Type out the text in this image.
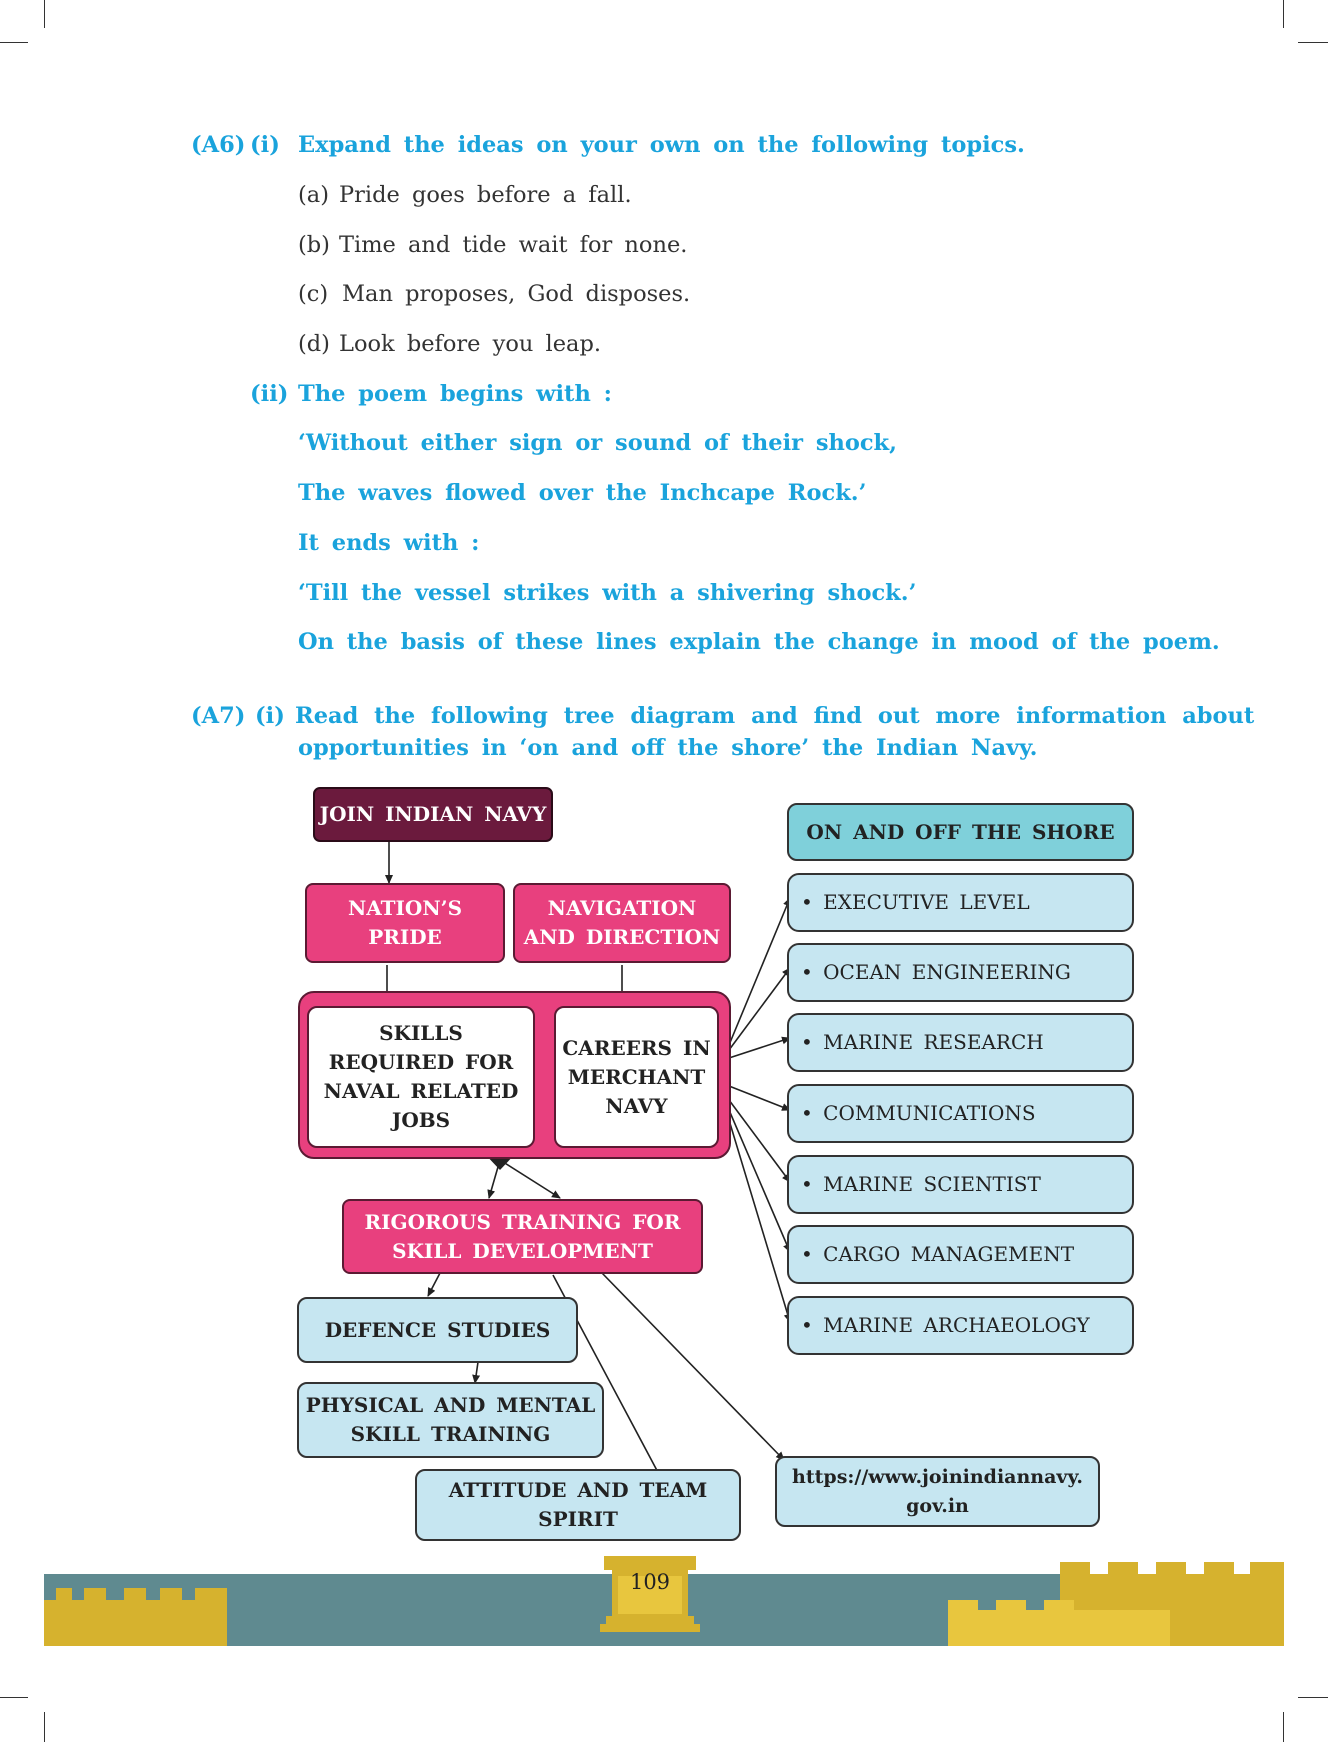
(A6) (i) Expand the ideas on your own on the following topics.
(a) Pride goes before a fall.
(b) Time and tide wait for none.
(c) Man proposes, God disposes.
(d) Look before you leap.
(ii) The poem begins with :
‘Without either sign or sound of their shock,
The waves flowed over the Inchcape Rock.’
It ends with :
‘Till the vessel strikes with a shivering shock.’
On the basis of these lines explain the change in mood of the poem.
(A7) (i) Read the following tree diagram and find out more information about
opportunities in ‘on and off the shore’ the Indian Navy.
JOIN INDIAN NAVY
NATION’S
PRIDE
NAVIGATION
AND DIRECTION
SKILLS
REQUIRED FOR
NAVAL RELATED
JOBS
CAREERS IN
MERCHANT
NAVY
RIGOROUS TRAINING FOR
SKILL DEVELOPMENT
DEFENCE STUDIES
PHYSICAL AND MENTAL
SKILL TRAINING
ATTITUDE AND TEAM
SPIRIT
https://www.joinindiannavy.
gov.in
ON AND OFF THE SHORE
• EXECUTIVE LEVEL
• OCEAN ENGINEERING
• MARINE RESEARCH
• COMMUNICATIONS
• MARINE SCIENTIST
• CARGO MANAGEMENT
• MARINE ARCHAEOLOGY
109
